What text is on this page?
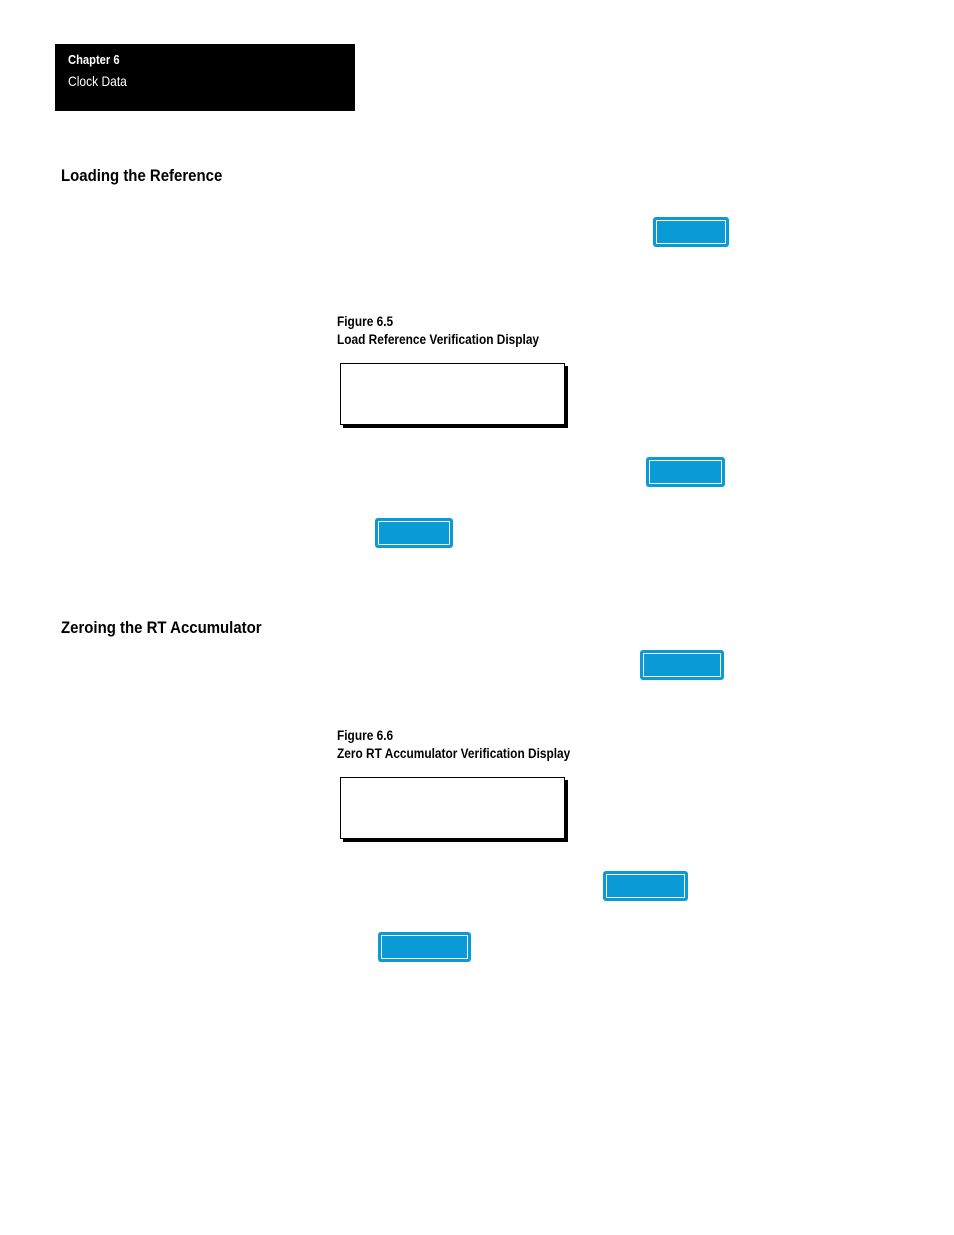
Chapter 6
Clock Data
Loading the Reference
Figure 6.5
Load Reference Verification Display
Zeroing the RT Accumulator
Figure 6.6
Zero RT Accumulator Verification Display
